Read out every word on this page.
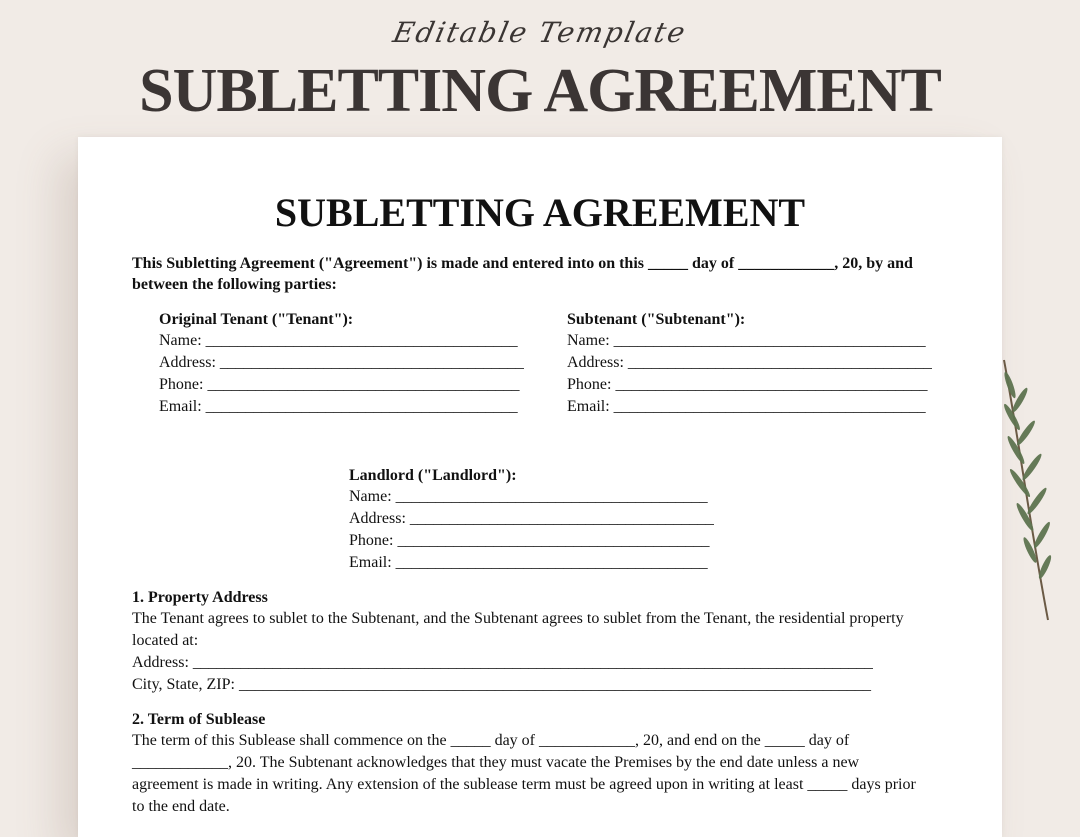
Editable Template
SUBLETTING AGREEMENT
SUBLETTING AGREEMENT
This Subletting Agreement ("Agreement") is made and entered into on this _____ day of ____________, 20, by and
between the following parties:
Original Tenant ("Tenant"):
Name: _______________________________________
Address: ______________________________________
Phone: _______________________________________
Email: _______________________________________
Subtenant ("Subtenant"):
Name: _______________________________________
Address: ______________________________________
Phone: _______________________________________
Email: _______________________________________
Landlord ("Landlord"):
Name: _______________________________________
Address: ______________________________________
Phone: _______________________________________
Email: _______________________________________
1. Property Address
The Tenant agrees to sublet to the Subtenant, and the Subtenant agrees to sublet from the Tenant, the residential property
located at:
Address: _____________________________________________________________________________________
City, State, ZIP: _______________________________________________________________________________
2. Term of Sublease
The term of this Sublease shall commence on the _____ day of ____________, 20, and end on the _____ day of
____________, 20. The Subtenant acknowledges that they must vacate the Premises by the end date unless a new
agreement is made in writing. Any extension of the sublease term must be agreed upon in writing at least _____ days prior
to the end date.
